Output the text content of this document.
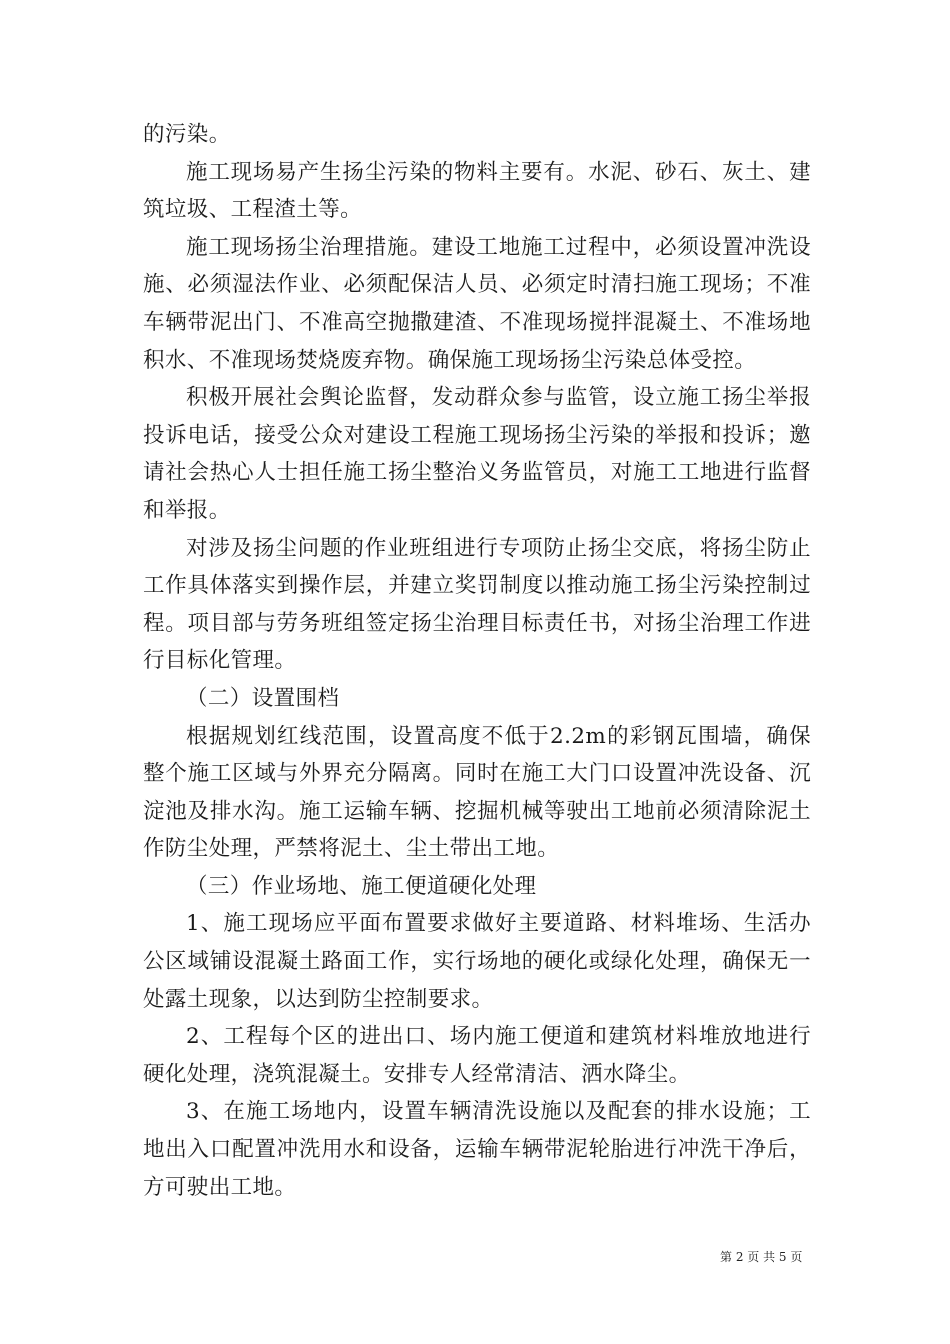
的污染。

施工现场易产生扬尘污染的物料主要有。水泥、砂石、灰土、建筑垃圾、工程渣土等。

施工现场扬尘治理措施。建设工地施工过程中，必须设置冲洗设施、必须湿法作业、必须配保洁人员、必须定时清扫施工现场；不准车辆带泥出门、不准高空抛撒建渣、不准现场搅拌混凝土、不准场地积水、不准现场焚烧废弃物。确保施工现场扬尘污染总体受控。

积极开展社会舆论监督，发动群众参与监管，设立施工扬尘举报投诉电话，接受公众对建设工程施工现场扬尘污染的举报和投诉；邀请社会热心人士担任施工扬尘整治义务监管员，对施工工地进行监督和举报。

对涉及扬尘问题的作业班组进行专项防止扬尘交底，将扬尘防止工作具体落实到操作层，并建立奖罚制度以推动施工扬尘污染控制过程。项目部与劳务班组签定扬尘治理目标责任书，对扬尘治理工作进行目标化管理。

（二）设置围档

根据规划红线范围，设置高度不低于2.2m的彩钢瓦围墙，确保整个施工区域与外界充分隔离。同时在施工大门口设置冲洗设备、沉淀池及排水沟。施工运输车辆、挖掘机械等驶出工地前必须清除泥土作防尘处理，严禁将泥土、尘土带出工地。

（三）作业场地、施工便道硬化处理

1、施工现场应平面布置要求做好主要道路、材料堆场、生活办公区域铺设混凝土路面工作，实行场地的硬化或绿化处理，确保无一处露土现象，以达到防尘控制要求。

2、工程每个区的进出口、场内施工便道和建筑材料堆放地进行硬化处理，浇筑混凝土。安排专人经常清洁、洒水降尘。

3、在施工场地内，设置车辆清洗设施以及配套的排水设施；工地出入口配置冲洗用水和设备，运输车辆带泥轮胎进行冲洗干净后，方可驶出工地。

第 2 页 共 5 页
